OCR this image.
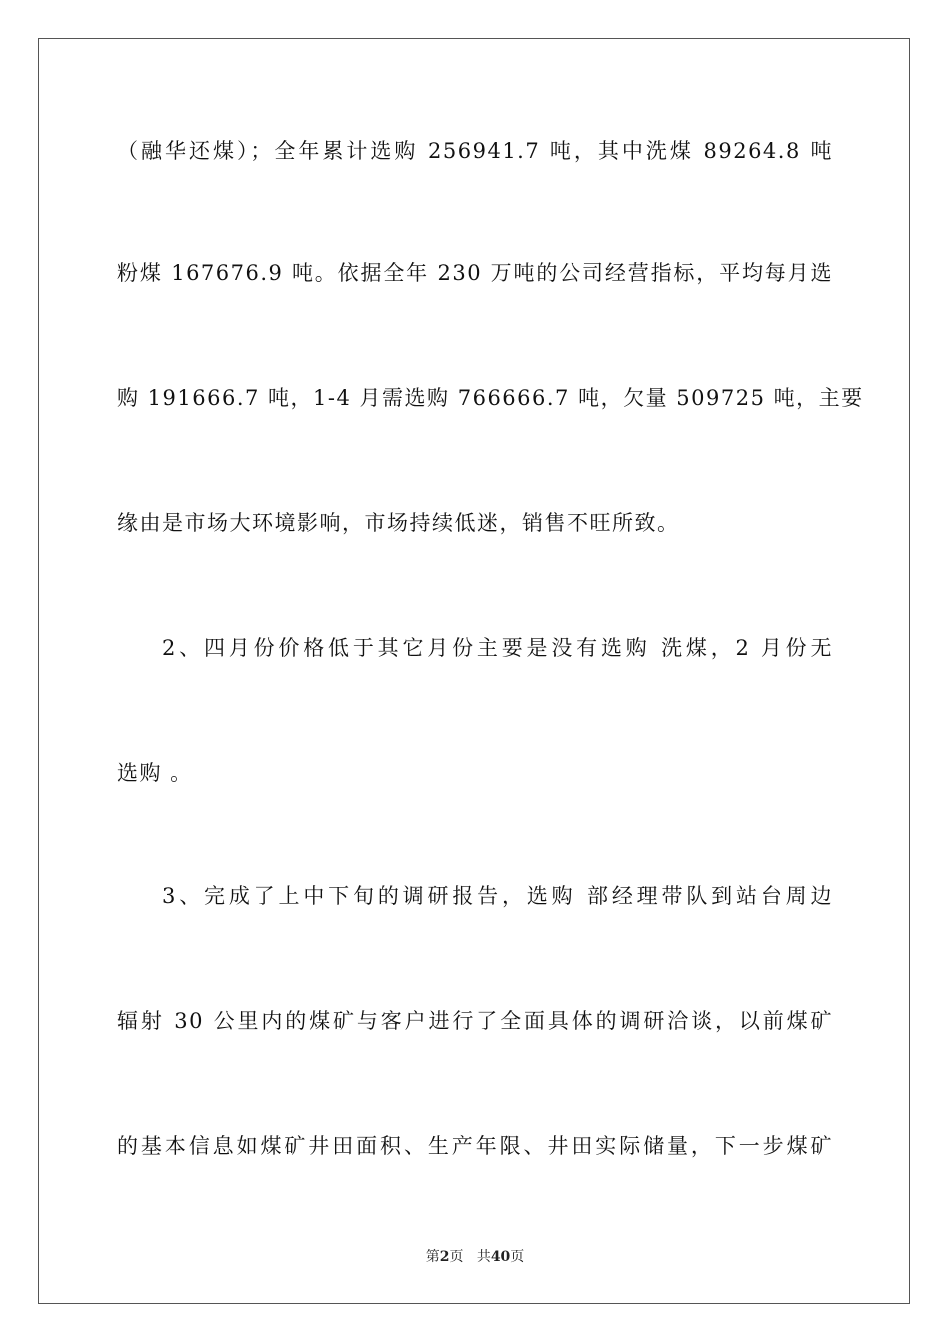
（融华还煤）；全年累计选购 256941.7 吨，其中洗煤 89264.8 吨
粉煤 167676.9 吨。依据全年 230 万吨的公司经营指标，平均每月选
购 191666.7 吨，1-4 月需选购 766666.7 吨，欠量 509725 吨，主要
缘由是市场大环境影响，市场持续低迷，销售不旺所致。
2、四月份价格低于其它月份主要是没有选购 洗煤，2 月份无
选购 。
3、完成了上中下旬的调研报告，选购 部经理带队到站台周边
辐射 30 公里内的煤矿与客户进行了全面具体的调研洽谈，以前煤矿
的基本信息如煤矿井田面积、生产年限、井田实际储量，下一步煤矿
第2页 共40页
